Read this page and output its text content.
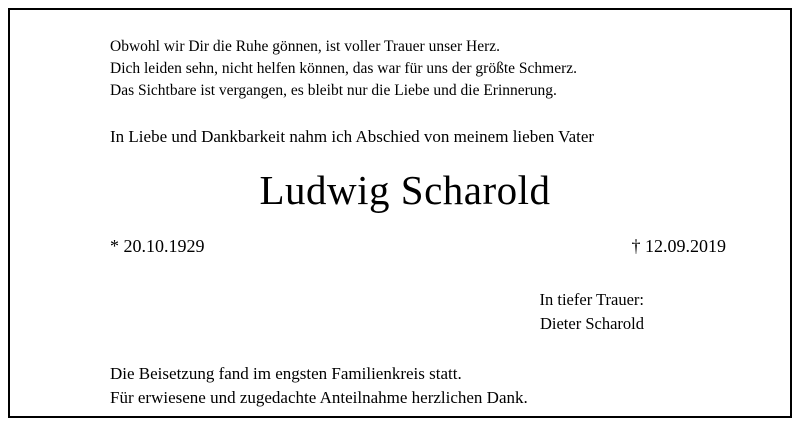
Obwohl wir Dir die Ruhe gönnen, ist voller Trauer unser Herz.
Dich leiden sehn, nicht helfen können, das war für uns der größte Schmerz.
Das Sichtbare ist vergangen, es bleibt nur die Liebe und die Erinnerung.
In Liebe und Dankbarkeit nahm ich Abschied von meinem lieben Vater
Ludwig Scharold
* 20.10.1929	† 12.09.2019
In tiefer Trauer:
Dieter Scharold
Die Beisetzung fand im engsten Familienkreis statt.
Für erwiesene und zugedachte Anteilnahme herzlichen Dank.
